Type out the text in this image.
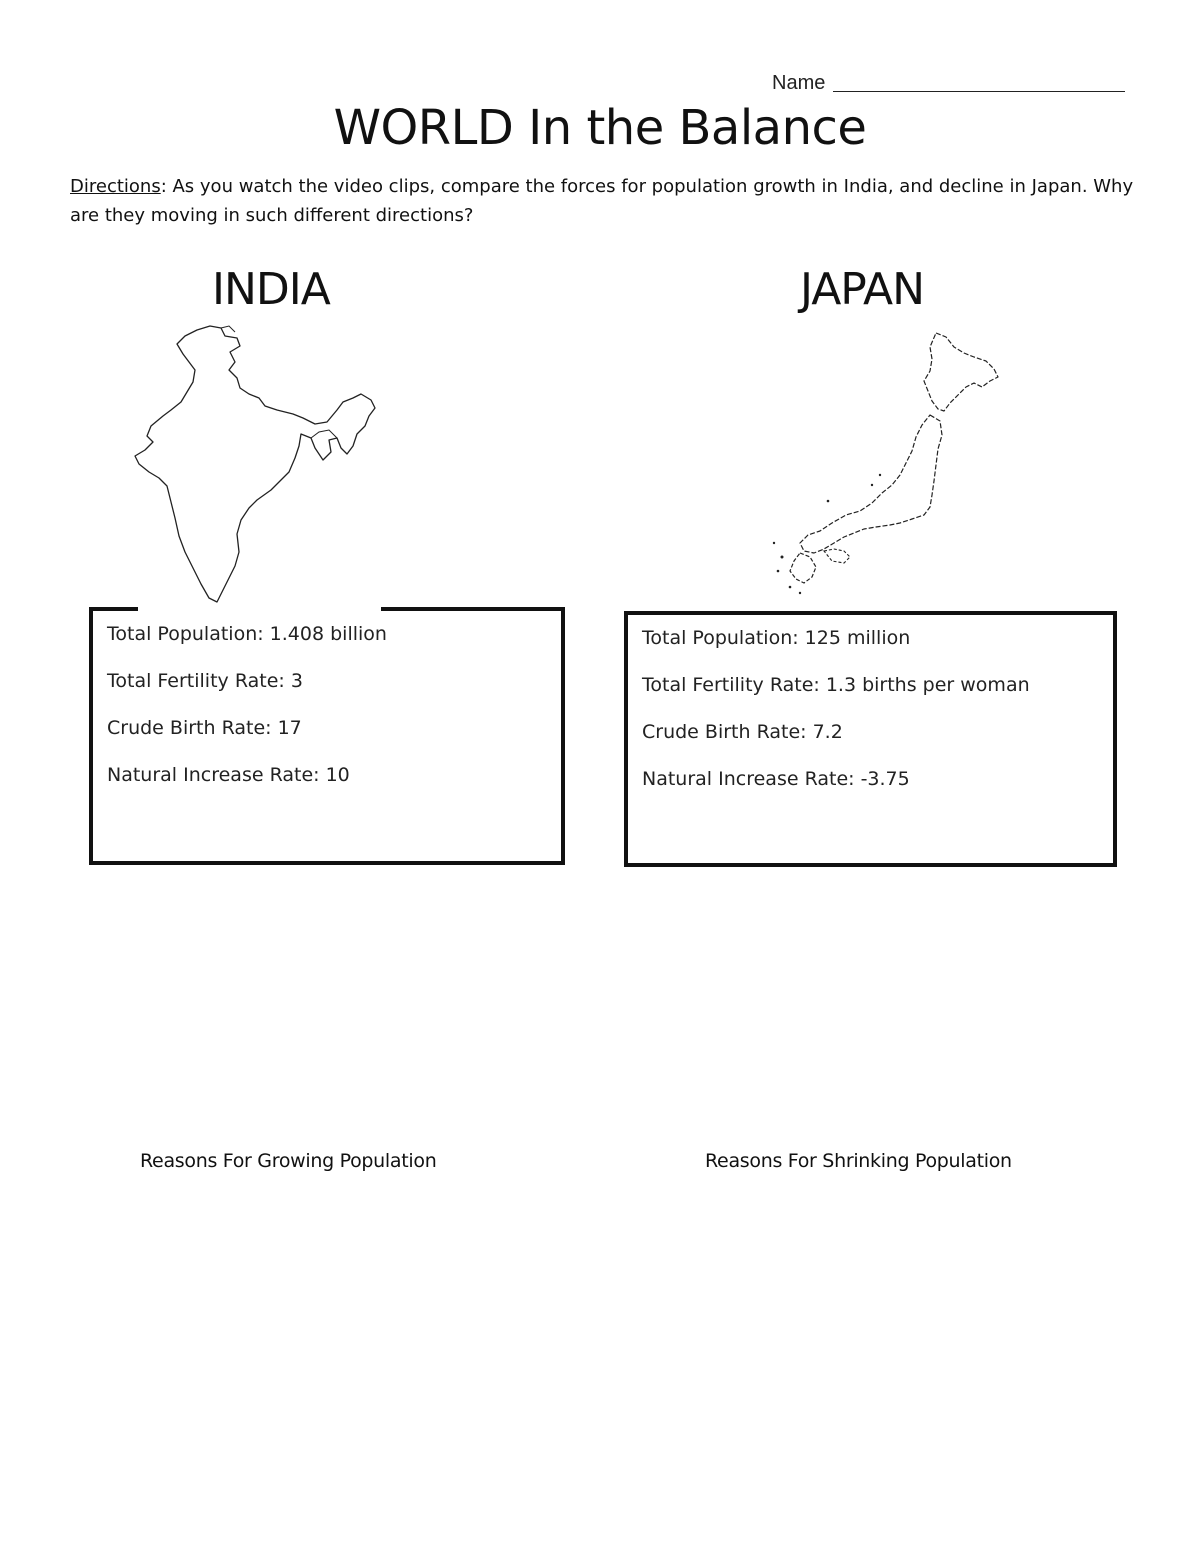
Name
WORLD In the Balance
Directions: As you watch the video clips, compare the forces for population growth in India, and decline in Japan. Why are they moving in such different directions?
INDIA	JAPAN
Total Population: 1.408 billion
Total Fertility Rate: 3
Crude Birth Rate: 17
Natural Increase Rate: 10
Total Population: 125 million
Total Fertility Rate: 1.3 births per woman
Crude Birth Rate: 7.2
Natural Increase Rate: -3.75
Reasons For Growing Population	Reasons For Shrinking Population
